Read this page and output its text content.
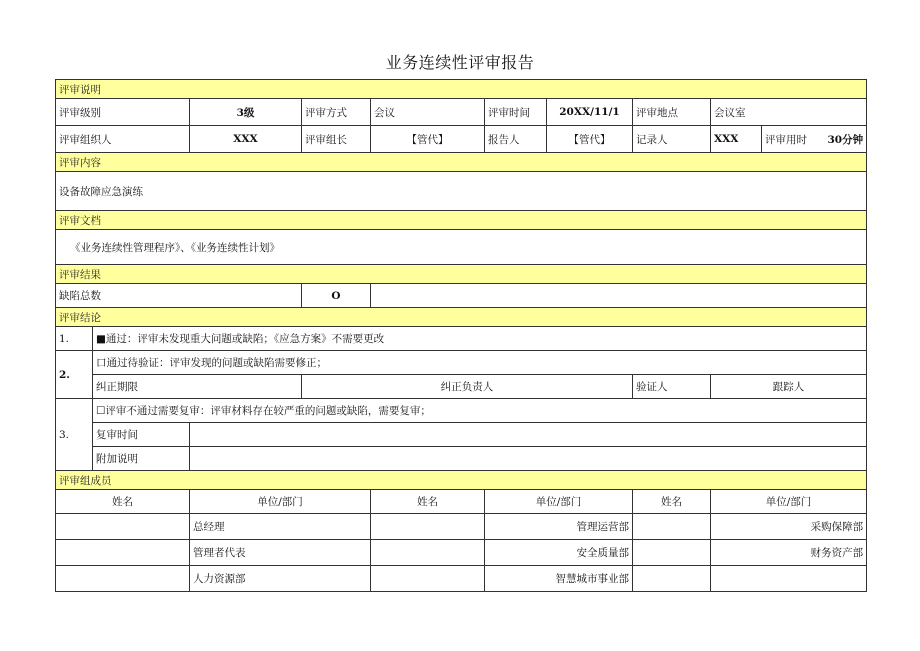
业务连续性评审报告
评审说明									
评审级别		3级	评审方式	会议	评审时间	20XX/11/1	评审地点	会议室	
评审组织人		XXX	评审组长	【管代】	报告人	【管代】	记录人	XXX	评审用时 30分钟

评审内容									
设备故障应急演练									
评审文档									
《业务连续性管理程序》、《业务连续性计划》									
评审结果									
缺陷总数			O						
评审结论									
1.	■通过：评审未发现重大问题或缺陷；《应急方案》不需要更改								
2.	口通过待验证：评审发现的问题或缺陷需要修正；								
	纠正期限		纠正负责人				验证人	跟踪人	
3.	☐评审不通过需要复审：评审材料存在较严重的问题或缺陷，需要复审；								
	复审时间								
	附加说明								
评审组成员									
姓名		单位/部门		姓名	单位/部门		姓名	单位/部门	
		总经理			管理运营部			采购保障部	
		管理者代表			安全质量部			财务资产部	
		人力资源部			智慧城市事业部				
